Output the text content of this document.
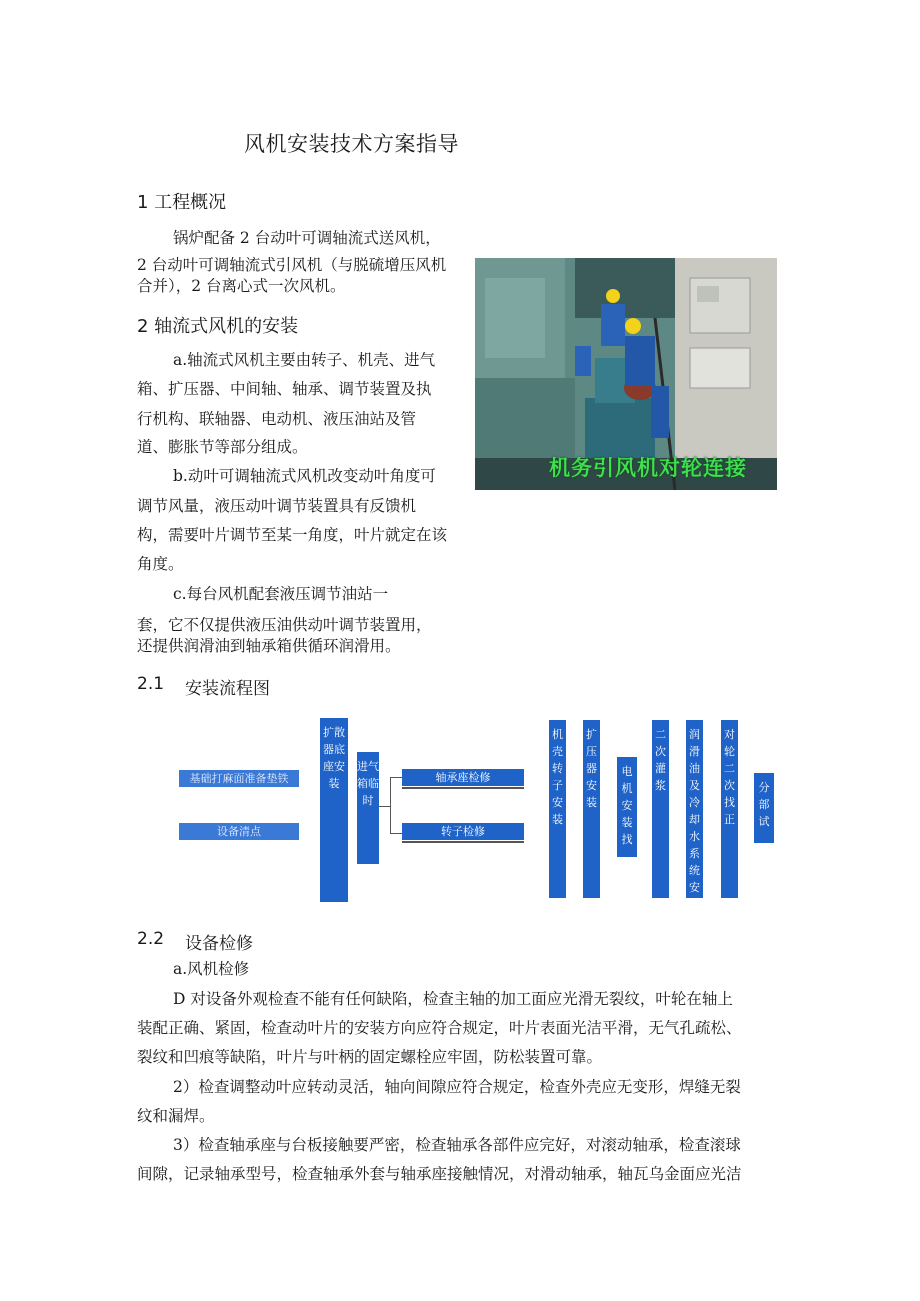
风机安装技术方案指导
1 工程概况
锅炉配备 2 台动叶可调轴流式送风机，
2 台动叶可调轴流式引风机（与脱硫增压风机
合并），2 台离心式一次风机。
机务引风机对轮连接
2 轴流式风机的安装
a.轴流式风机主要由转子、机壳、进气
箱、扩压器、中间轴、轴承、调节装置及执
行机构、联轴器、电动机、液压油站及管
道、膨胀节等部分组成。
b.动叶可调轴流式风机改变动叶角度可
调节风量，液压动叶调节装置具有反馈机
构，需要叶片调节至某一角度，叶片就定在该
角度。
c.每台风机配套液压调节油站一
套，它不仅提供液压油供动叶调节装置用，
还提供润滑油到轴承箱供循环润滑用。
2.1 安装流程图
基础打麻面准备垫铁
设备清点
扩散器底座安装
进气箱临时
轴承座检修
转子检修
机壳转子安装
扩压器安装
电机安装找
二次灌浆
润滑油及冷却水系统安装
对轮二次找正
分部试
2.2 设备检修
a.风机检修
D 对设备外观检查不能有任何缺陷，检查主轴的加工面应光滑无裂纹，叶轮在轴上
装配正确、紧固，检查动叶片的安装方向应符合规定，叶片表面光洁平滑，无气孔疏松、
裂纹和凹痕等缺陷，叶片与叶柄的固定螺栓应牢固，防松装置可靠。
2）检查调整动叶应转动灵活，轴向间隙应符合规定，检查外壳应无变形，焊缝无裂
纹和漏焊。
3）检查轴承座与台板接触要严密，检查轴承各部件应完好，对滚动轴承，检查滚球
间隙，记录轴承型号，检查轴承外套与轴承座接触情况，对滑动轴承，轴瓦乌金面应光洁
